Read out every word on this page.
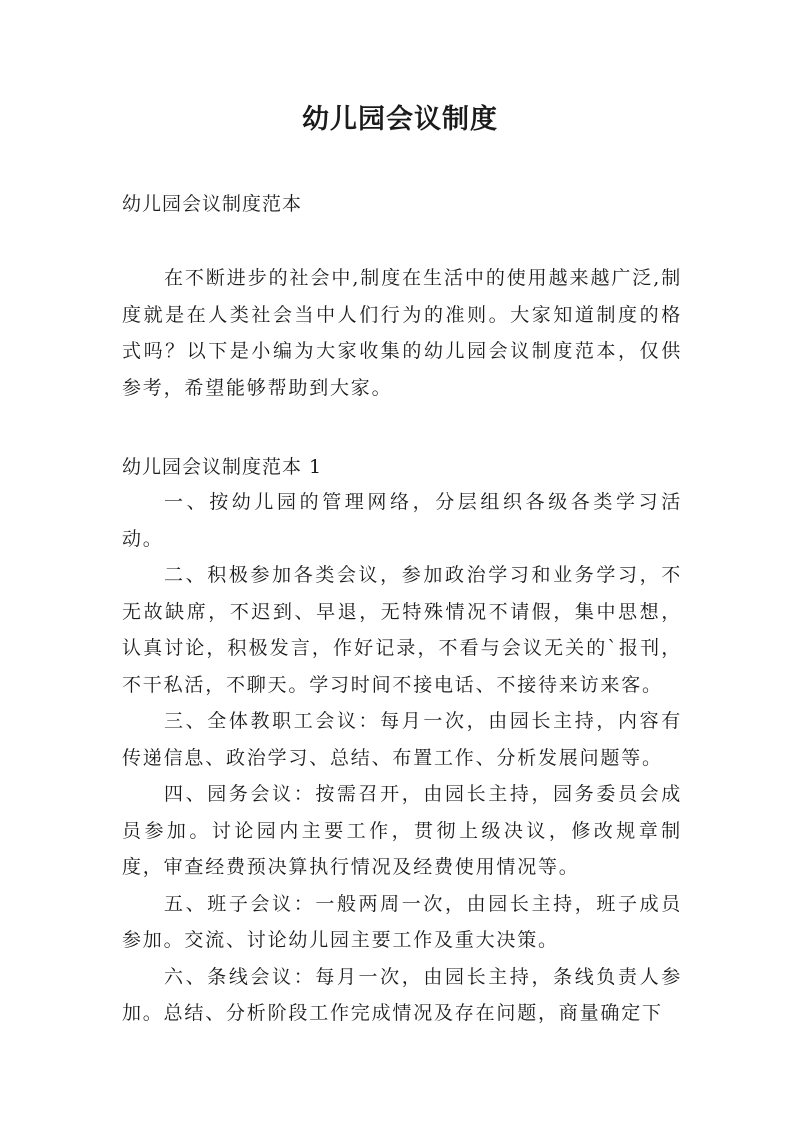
幼儿园会议制度
幼儿园会议制度范本

在不断进步的社会中,制度在生活中的使用越来越广泛,制度就是在人类社会当中人们行为的准则。大家知道制度的格式吗？以下是小编为大家收集的幼儿园会议制度范本，仅供参考，希望能够帮助到大家。

幼儿园会议制度范本 1

一、按幼儿园的管理网络，分层组织各级各类学习活动。

二、积极参加各类会议，参加政治学习和业务学习，不无故缺席，不迟到、早退，无特殊情况不请假，集中思想，认真讨论，积极发言，作好记录，不看与会议无关的`报刊，不干私活，不聊天。学习时间不接电话、不接待来访来客。

三、全体教职工会议：每月一次，由园长主持，内容有传递信息、政治学习、总结、布置工作、分析发展问题等。

四、园务会议：按需召开，由园长主持，园务委员会成员参加。讨论园内主要工作，贯彻上级决议，修改规章制度，审查经费预决算执行情况及经费使用情况等。

五、班子会议：一般两周一次，由园长主持，班子成员参加。交流、讨论幼儿园主要工作及重大决策。

六、条线会议：每月一次，由园长主持，条线负责人参加。总结、分析阶段工作完成情况及存在问题，商量确定下
